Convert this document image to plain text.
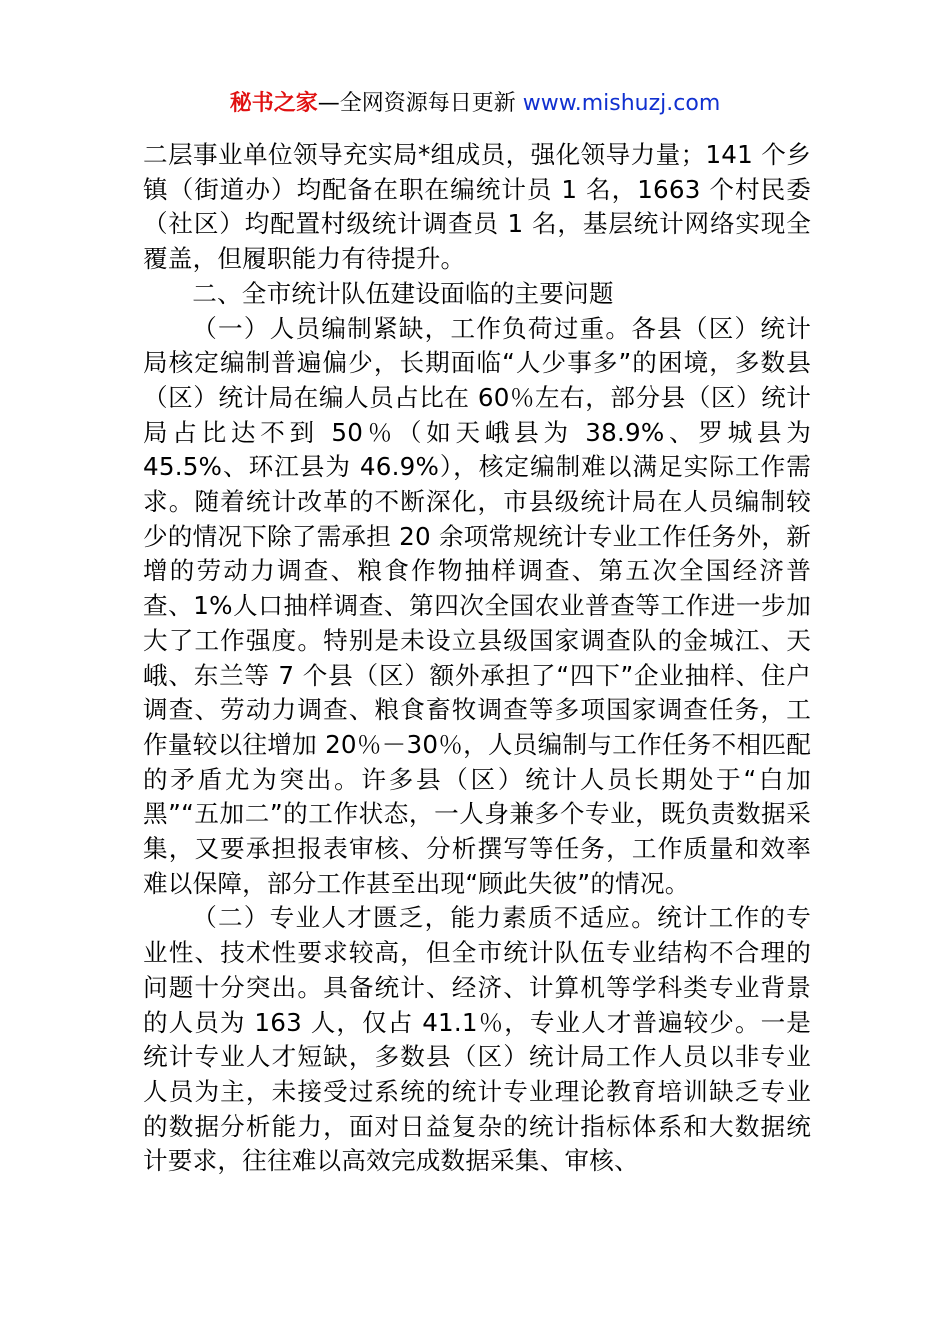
秘书之家—全网资源每日更新 www.mishuzj.com

二层事业单位领导充实局*组成员，强化领导力量；141 个乡镇（街道办）均配备在职在编统计员 1 名，1663 个村民委（社区）均配置村级统计调查员 1 名，基层统计网络实现全覆盖，但履职能力有待提升。

二、全市统计队伍建设面临的主要问题

（一）人员编制紧缺，工作负荷过重。各县（区）统计局核定编制普遍偏少，长期面临“人少事多”的困境，多数县（区）统计局在编人员占比在 60％左右，部分县（区）统计局占比达不到 50％（如天峨县为 38.9%、罗城县为 45.5%、环江县为 46.9%），核定编制难以满足实际工作需求。随着统计改革的不断深化，市县级统计局在人员编制较少的情况下除了需承担 20 余项常规统计专业工作任务外，新增的劳动力调查、粮食作物抽样调查、第五次全国经济普查、1%人口抽样调查、第四次全国农业普查等工作进一步加大了工作强度。特别是未设立县级国家调查队的金城江、天峨、东兰等 7 个县（区）额外承担了“四下”企业抽样、住户调查、劳动力调查、粮食畜牧调查等多项国家调查任务，工作量较以往增加 20％－30％，人员编制与工作任务不相匹配的矛盾尤为突出。许多县（区）统计人员长期处于“白加黑”“五加二”的工作状态，一人身兼多个专业，既负责数据采集，又要承担报表审核、分析撰写等任务，工作质量和效率难以保障，部分工作甚至出现“顾此失彼”的情况。

（二）专业人才匮乏，能力素质不适应。统计工作的专业性、技术性要求较高，但全市统计队伍专业结构不合理的问题十分突出。具备统计、经济、计算机等学科类专业背景的人员为 163 人，仅占 41.1％，专业人才普遍较少。一是统计专业人才短缺，多数县（区）统计局工作人员以非专业人员为主，未接受过系统的统计专业理论教育培训缺乏专业的数据分析能力，面对日益复杂的统计指标体系和大数据统计要求，往往难以高效完成数据采集、审核、
